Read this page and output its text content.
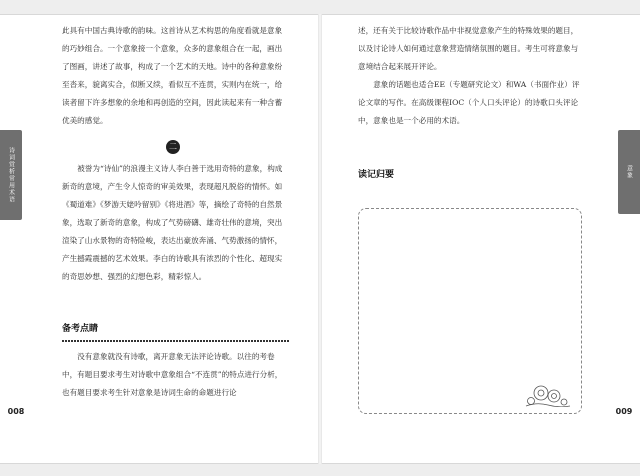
诗词赏析常用术语	意象
008	009

此具有中国古典诗歌的韵味。这首诗从艺术构思的角度看就是意象的巧妙组合。一个意象接一个意象，众多的意象组合在一起，画出了图画，讲述了故事，构成了一个艺术的天地。诗中的各种意象纷至沓来，貌离实合，似断又续，看似互不连贯，实则内在统一，给读者留下许多想象的余地和再创造的空间，因此读起来有一种含蓄优美的感觉。

二

被誉为“诗仙”的浪漫主义诗人李白善于选用奇特的意象，构成新奇的意境，产生令人惊奇的审美效果，表现超凡脱俗的情怀。如《蜀道难》《梦游天姥吟留别》《将进酒》等，摘绘了奇特的自然景象，选取了新奇的意象，构成了气势磅礴、雄奇壮伟的意境，突出渲染了山水景物的奇特险峻，表达出豪放奔涌、气势激扬的情怀，产生撼霞震撼的艺术效果。李白的诗歌具有浓烈的个性化、超现实的奇思妙想、强烈的幻想色彩，精彩惊人。

备考点睛

没有意象就没有诗歌，离开意象无法评论诗歌。以往的考卷中，有题目要求考生对诗歌中意象组合“不连贯”的特点进行分析，也有题目要求考生针对意象是诗词生命的命题进行论

述，还有关于比较诗歌作品中非视觉意象产生的特殊效果的题目，以及讨论诗人如何通过意象营造情绪氛围的题目。考生可将意象与意境结合起来展开评论。

意象的话题也适合EE（专题研究论文）和WA（书面作业）评论文章的写作。在高级课程IOC（个人口头评论）的诗歌口头评论中，意象也是一个必用的术语。

读记归要
